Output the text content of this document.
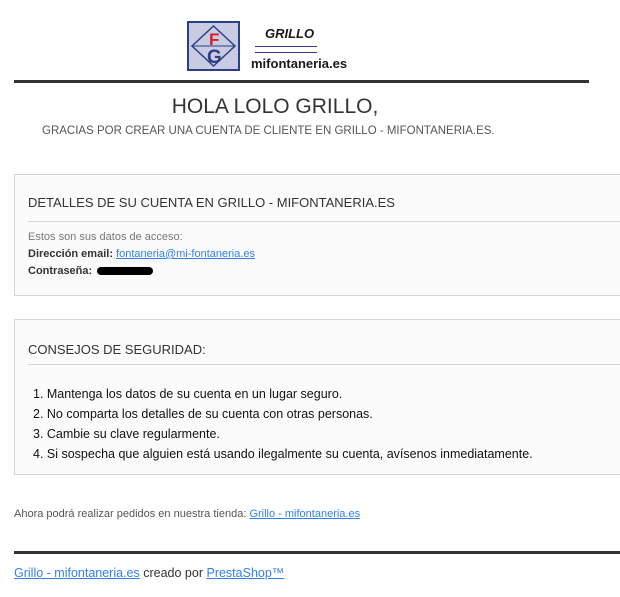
F
G
GRILLO
mifontaneria.es
HOLA LOLO GRILLO,
GRACIAS POR CREAR UNA CUENTA DE CLIENTE EN GRILLO - MIFONTANERIA.ES.
DETALLES DE SU CUENTA EN GRILLO - MIFONTANERIA.ES
Estos son sus datos de acceso:
Dirección email: fontaneria@mi-fontaneria.es
Contraseña:
CONSEJOS DE SEGURIDAD:
1. Mantenga los datos de su cuenta en un lugar seguro.
2. No comparta los detalles de su cuenta con otras personas.
3. Cambie su clave regularmente.
4. Si sospecha que alguien está usando ilegalmente su cuenta, avísenos inmediatamente.
Ahora podrá realizar pedidos en nuestra tienda: Grillo - mifontaneria.es
Grillo - mifontaneria.es creado por PrestaShop™
